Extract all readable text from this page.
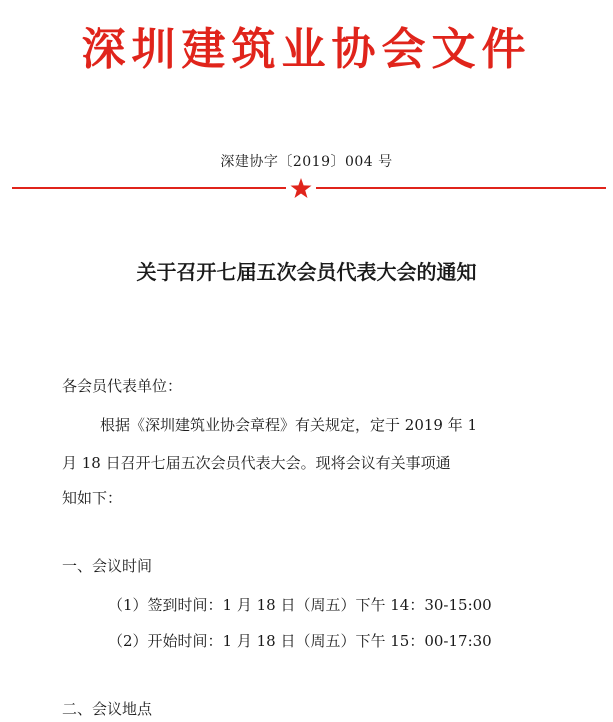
深圳建筑业协会文件
深建协字〔2019〕004 号
关于召开七届五次会员代表大会的通知
各会员代表单位：
根据《深圳建筑业协会章程》有关规定，定于 2019 年 1
月 18 日召开七届五次会员代表大会。现将会议有关事项通
知如下：
一、会议时间
（1）签到时间：1 月 18 日（周五）下午 14：30-15:00
（2）开始时间：1 月 18 日（周五）下午 15：00-17:30
二、会议地点
